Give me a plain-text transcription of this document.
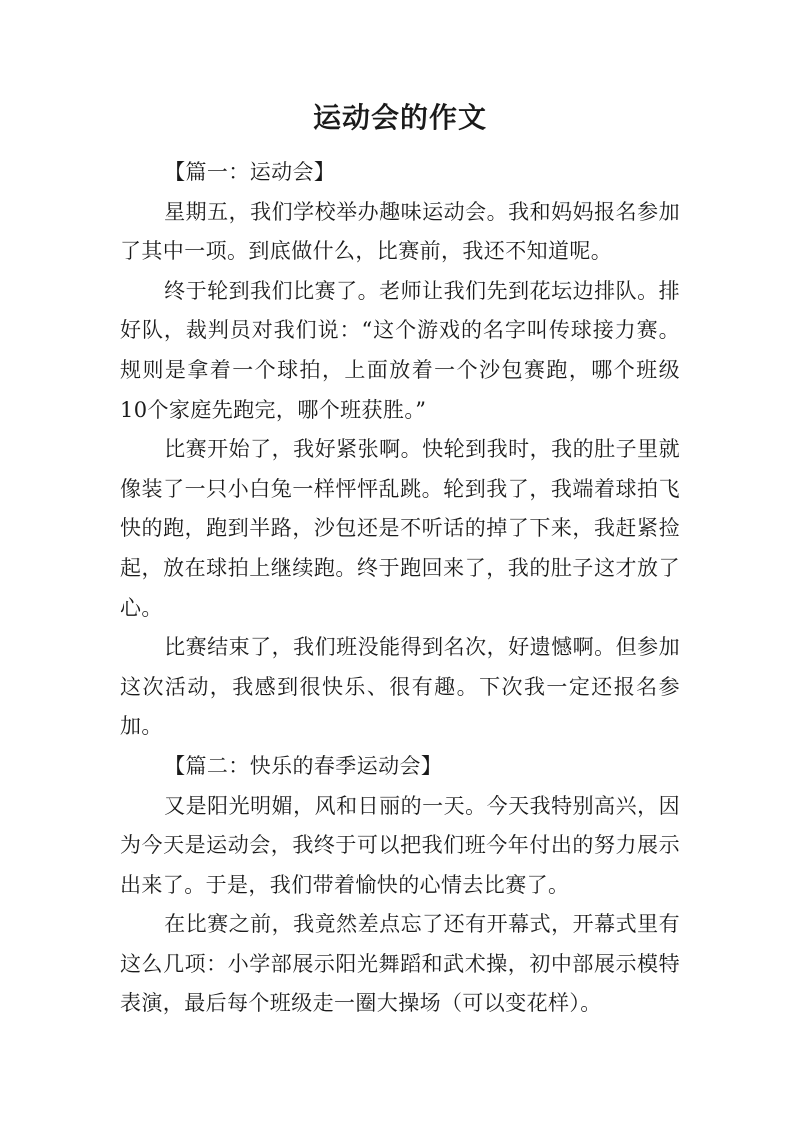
运动会的作文

【篇一：运动会】

星期五，我们学校举办趣味运动会。我和妈妈报名参加了其中一项。到底做什么，比赛前，我还不知道呢。

终于轮到我们比赛了。老师让我们先到花坛边排队。排好队，裁判员对我们说：“这个游戏的名字叫传球接力赛。规则是拿着一个球拍，上面放着一个沙包赛跑，哪个班级10个家庭先跑完，哪个班获胜。”

比赛开始了，我好紧张啊。快轮到我时，我的肚子里就像装了一只小白兔一样怦怦乱跳。轮到我了，我端着球拍飞快的跑，跑到半路，沙包还是不听话的掉了下来，我赶紧捡起，放在球拍上继续跑。终于跑回来了，我的肚子这才放了心。

比赛结束了，我们班没能得到名次，好遗憾啊。但参加这次活动，我感到很快乐、很有趣。下次我一定还报名参加。

【篇二：快乐的春季运动会】

又是阳光明媚，风和日丽的一天。今天我特别高兴，因为今天是运动会，我终于可以把我们班今年付出的努力展示出来了。于是，我们带着愉快的心情去比赛了。

在比赛之前，我竟然差点忘了还有开幕式，开幕式里有这么几项：小学部展示阳光舞蹈和武术操，初中部展示模特表演，最后每个班级走一圈大操场（可以变花样）。
